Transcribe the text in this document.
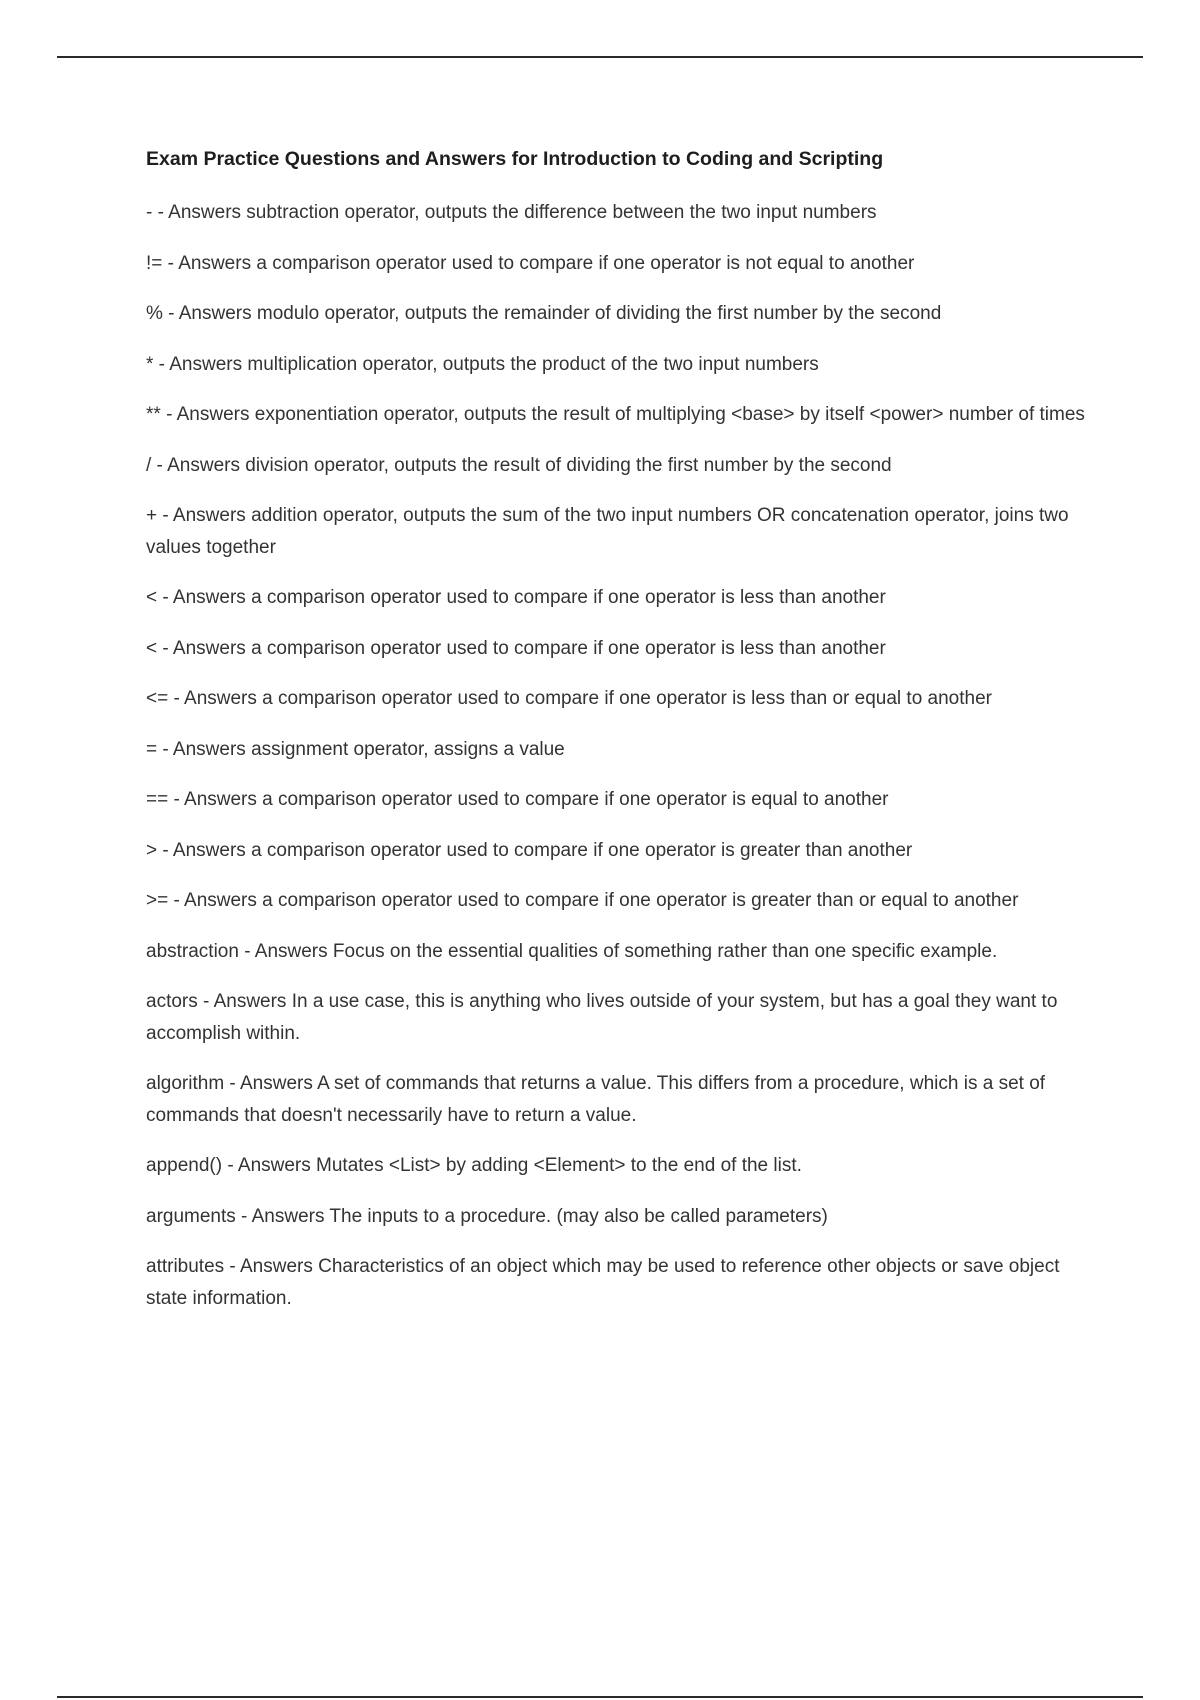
Exam Practice Questions and Answers for Introduction to Coding and Scripting

- - Answers subtraction operator, outputs the difference between the two input numbers

!= - Answers a comparison operator used to compare if one operator is not equal to another

% - Answers modulo operator, outputs the remainder of dividing the first number by the second

* - Answers multiplication operator, outputs the product of the two input numbers

** - Answers exponentiation operator, outputs the result of multiplying <base> by itself <power> number of times

/ - Answers division operator, outputs the result of dividing the first number by the second

+ - Answers addition operator, outputs the sum of the two input numbers OR concatenation operator, joins two values together

< - Answers a comparison operator used to compare if one operator is less than another

< - Answers a comparison operator used to compare if one operator is less than another

<= - Answers a comparison operator used to compare if one operator is less than or equal to another

= - Answers assignment operator, assigns a value

== - Answers a comparison operator used to compare if one operator is equal to another

> - Answers a comparison operator used to compare if one operator is greater than another

>= - Answers a comparison operator used to compare if one operator is greater than or equal to another

abstraction - Answers Focus on the essential qualities of something rather than one specific example.

actors - Answers In a use case, this is anything who lives outside of your system, but has a goal they want to accomplish within.

algorithm - Answers A set of commands that returns a value. This differs from a procedure, which is a set of commands that doesn't necessarily have to return a value.

append() - Answers Mutates <List> by adding <Element> to the end of the list.

arguments - Answers The inputs to a procedure. (may also be called parameters)

attributes - Answers Characteristics of an object which may be used to reference other objects or save object state information.
